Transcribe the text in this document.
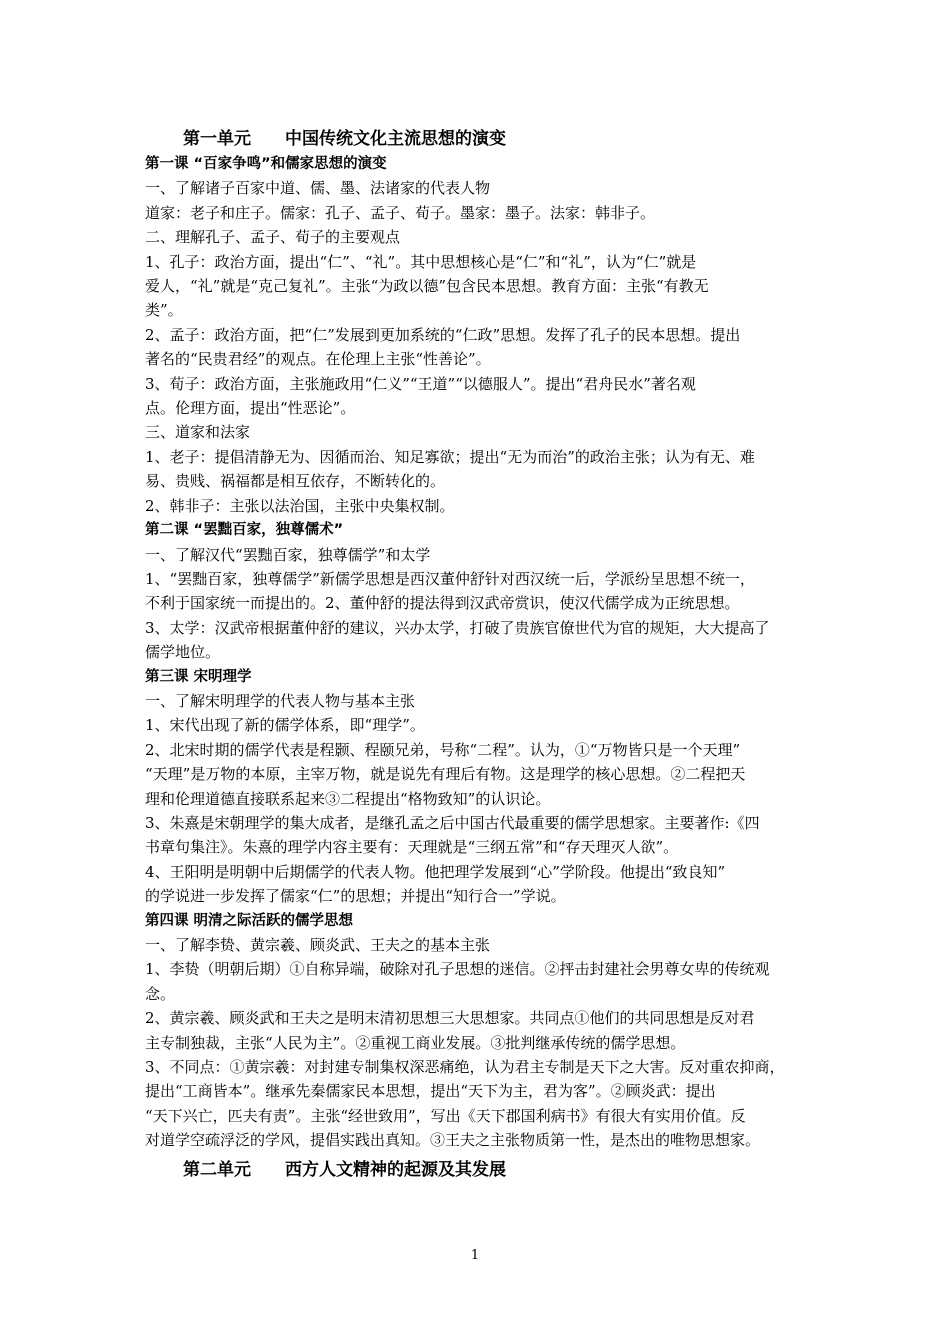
第一单元　　中国传统文化主流思想的演变

第一课 “百家争鸣”和儒家思想的演变

一、了解诸子百家中道、儒、墨、法诸家的代表人物

道家：老子和庄子。儒家：孔子、孟子、荀子。墨家：墨子。法家：韩非子。

二、理解孔子、孟子、荀子的主要观点

1、孔子：政治方面，提出“仁”、“礼”。其中思想核心是“仁”和“礼”，认为“仁”就是

爱人，“礼”就是“克己复礼”。主张“为政以德”包含民本思想。教育方面：主张“有教无

类”。

2、孟子：政治方面，把“仁”发展到更加系统的“仁政”思想。发挥了孔子的民本思想。提出

著名的“民贵君经”的观点。在伦理上主张“性善论”。

3、荀子：政治方面，主张施政用“仁义”“王道”“以德服人”。提出“君舟民水”著名观

点。伦理方面，提出“性恶论”。

三、道家和法家

1、老子：提倡清静无为、因循而治、知足寡欲；提出“无为而治”的政治主张；认为有无、难

易、贵贱、祸福都是相互依存，不断转化的。

2、韩非子：主张以法治国，主张中央集权制。

第二课 “罢黜百家，独尊儒术”

一、了解汉代“罢黜百家，独尊儒学”和太学

1、“罢黜百家，独尊儒学”新儒学思想是西汉董仲舒针对西汉统一后，学派纷呈思想不统一，

不利于国家统一而提出的。2、董仲舒的提法得到汉武帝赏识，使汉代儒学成为正统思想。

3、太学：汉武帝根据董仲舒的建议，兴办太学，打破了贵族官僚世代为官的规矩，大大提高了

儒学地位。

第三课 宋明理学

一、了解宋明理学的代表人物与基本主张

1、宋代出现了新的儒学体系，即“理学”。

2、北宋时期的儒学代表是程颢、程颐兄弟，号称“二程”。认为，①“万物皆只是一个天理”

“天理”是万物的本原，主宰万物，就是说先有理后有物。这是理学的核心思想。②二程把天

理和伦理道德直接联系起来③二程提出“格物致知”的认识论。

3、朱熹是宋朝理学的集大成者，是继孔孟之后中国古代最重要的儒学思想家。主要著作:《四

书章句集注》。朱熹的理学内容主要有：天理就是“三纲五常”和“存天理灭人欲”。

4、王阳明是明朝中后期儒学的代表人物。他把理学发展到“心”学阶段。他提出“致良知”

的学说进一步发挥了儒家“仁”的思想；并提出“知行合一”学说。

第四课 明清之际活跃的儒学思想

一、了解李贽、黄宗羲、顾炎武、王夫之的基本主张

1、李贽（明朝后期）①自称异端，破除对孔子思想的迷信。②抨击封建社会男尊女卑的传统观

念。

2、黄宗羲、顾炎武和王夫之是明末清初思想三大思想家。共同点①他们的共同思想是反对君

主专制独裁，主张“人民为主”。②重视工商业发展。③批判继承传统的儒学思想。

3、不同点：①黄宗羲：对封建专制集权深恶痛绝，认为君主专制是天下之大害。反对重农抑商，

提出“工商皆本”。继承先秦儒家民本思想，提出“天下为主，君为客”。②顾炎武：提出

“天下兴亡，匹夫有责”。主张“经世致用”，写出《天下郡国利病书》有很大有实用价值。反

对道学空疏浮泛的学风，提倡实践出真知。③王夫之主张物质第一性，是杰出的唯物思想家。

第二单元　　西方人文精神的起源及其发展

1
